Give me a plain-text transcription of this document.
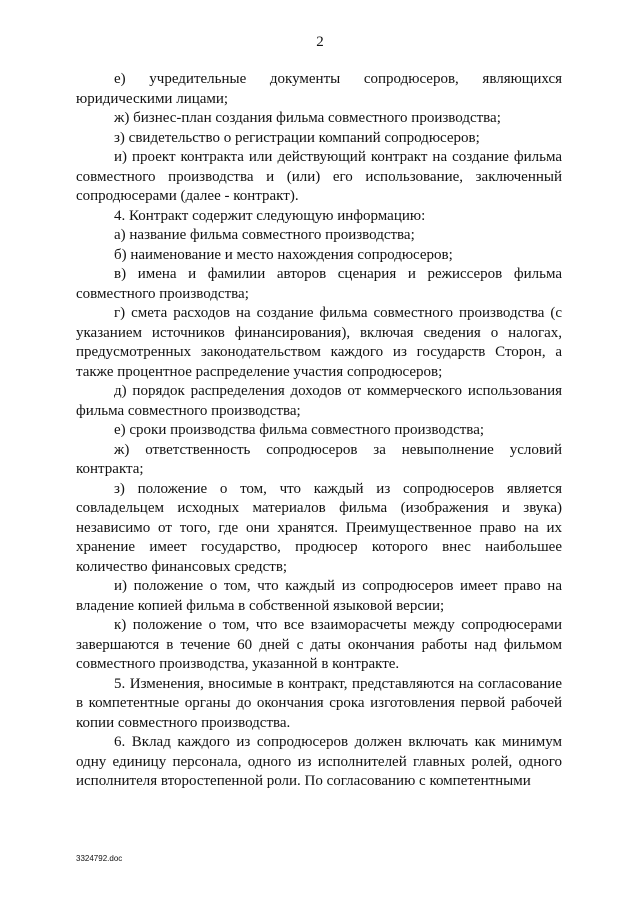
2

е) учредительные документы сопродюсеров, являющихся юридическими лицами;

ж) бизнес-план создания фильма совместного производства;

з) свидетельство о регистрации компаний сопродюсеров;

и) проект контракта или действующий контракт на создание фильма совместного производства и (или) его использование, заключенный сопродюсерами (далее - контракт).

4. Контракт содержит следующую информацию:

а) название фильма совместного производства;

б) наименование и место нахождения сопродюсеров;

в) имена и фамилии авторов сценария и режиссеров фильма совместного производства;

г) смета расходов на создание фильма совместного производства (с указанием источников финансирования), включая сведения о налогах, предусмотренных законодательством каждого из государств Сторон, а также процентное распределение участия сопродюсеров;

д) порядок распределения доходов от коммерческого использования фильма совместного производства;

е) сроки производства фильма совместного производства;

ж) ответственность сопродюсеров за невыполнение условий контракта;

з) положение о том, что каждый из сопродюсеров является совладельцем исходных материалов фильма (изображения и звука) независимо от того, где они хранятся. Преимущественное право на их хранение имеет государство, продюсер которого внес наибольшее количество финансовых средств;

и) положение о том, что каждый из сопродюсеров имеет право на владение копией фильма в собственной языковой версии;

к) положение о том, что все взаиморасчеты между сопродюсерами завершаются в течение 60 дней с даты окончания работы над фильмом совместного производства, указанной в контракте.

5. Изменения, вносимые в контракт, представляются на согласование в компетентные органы до окончания срока изготовления первой рабочей копии совместного производства.

6. Вклад каждого из сопродюсеров должен включать как минимум одну единицу персонала, одного из исполнителей главных ролей, одного исполнителя второстепенной роли. По согласованию с компетентными

3324792.doc
